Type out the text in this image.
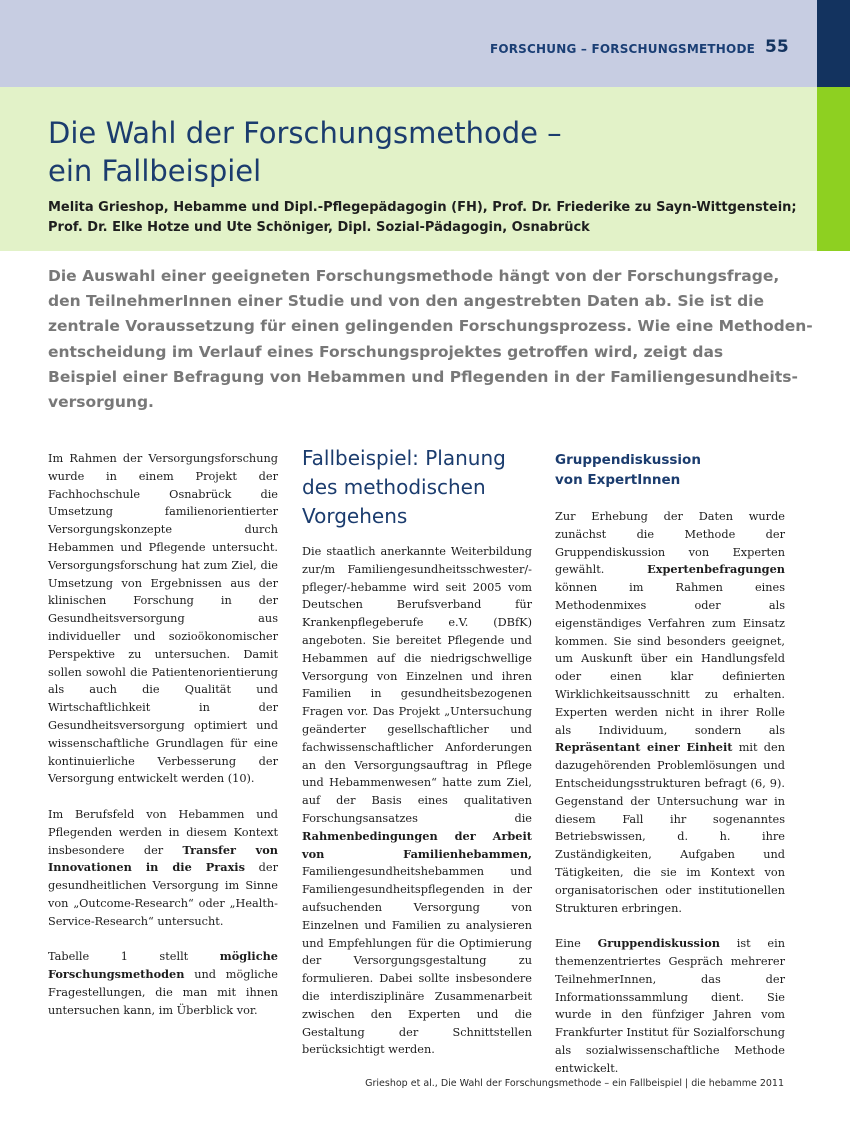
FORSCHUNG – FORSCHUNGSMETHODE 55
Die Wahl der Forschungsmethode –
ein Fallbeispiel
Melita Grieshop, Hebamme und Dipl.-Pflegepädagogin (FH), Prof. Dr. Friederike zu Sayn-Wittgenstein;
Prof. Dr. Elke Hotze und Ute Schöniger, Dipl. Sozial-Pädagogin, Osnabrück
Die Auswahl einer geeigneten Forschungsmethode hängt von der Forschungsfrage,
den TeilnehmerInnen einer Studie und von den angestrebten Daten ab. Sie ist die
zentrale Voraussetzung für einen gelingenden Forschungsprozess. Wie eine Methoden-
entscheidung im Verlauf eines Forschungsprojektes getroffen wird, zeigt das
Beispiel einer Befragung von Hebammen und Pflegenden in der Familiengesundheits-
versorgung.

Im Rahmen der Versorgungsforschung wurde in einem Projekt der Fachhochschule Osnabrück die Umsetzung familienorientierter Versorgungskonzepte durch Hebammen und Pflegende untersucht. Versorgungsforschung hat zum Ziel, die Umsetzung von Ergebnissen aus der klinischen Forschung in der Gesundheitsversorgung aus individueller und sozioökonomischer Perspektive zu untersuchen. Damit sollen sowohl die Patientenorientierung als auch die Qualität und Wirtschaftlichkeit in der Gesundheitsversorgung optimiert und wissenschaftliche Grundlagen für eine kontinuierliche Verbesserung der Versorgung entwickelt werden (10).

Im Berufsfeld von Hebammen und Pflegenden werden in diesem Kontext insbesondere der Transfer von Innovationen in die Praxis der gesundheitlichen Versorgung im Sinne von „Outcome-Research“ oder „Health-Service-Research“ untersucht.

Tabelle 1 stellt mögliche Forschungsmethoden und mögliche Fragestellungen, die man mit ihnen untersuchen kann, im Überblick vor.

Fallbeispiel: Planung
des methodischen
Vorgehens

Die staatlich anerkannte Weiterbildung zur/m Familiengesundheitsschwester/-pfleger/-hebamme wird seit 2005 vom Deutschen Berufsverband für Krankenpflegeberufe e.V. (DBfK) angeboten. Sie bereitet Pflegende und Hebammen auf die niedrigschwellige Versorgung von Einzelnen und ihren Familien in gesundheitsbezogenen Fragen vor. Das Projekt „Untersuchung geänderter gesellschaftlicher und fachwissenschaftlicher Anforderungen an den Versorgungsauftrag in Pflege und Hebammenwesen“ hatte zum Ziel, auf der Basis eines qualitativen Forschungsansatzes die Rahmenbedingungen der Arbeit von Familienhebammen, Familiengesundheitshebammen und Familiengesundheitspflegenden in der aufsuchenden Versorgung von Einzelnen und Familien zu analysieren und Empfehlungen für die Optimierung der Versorgungsgestaltung zu formulieren. Dabei sollte insbesondere die interdisziplinäre Zusammenarbeit zwischen den Experten und die Gestaltung der Schnittstellen berücksichtigt werden.

Gruppendiskussion
von ExpertInnen

Zur Erhebung der Daten wurde zunächst die Methode der Gruppendiskussion von Experten gewählt. Expertenbefragungen können im Rahmen eines Methodenmixes oder als eigenständiges Verfahren zum Einsatz kommen. Sie sind besonders geeignet, um Auskunft über ein Handlungsfeld oder einen klar definierten Wirklichkeitsausschnitt zu erhalten. Experten werden nicht in ihrer Rolle als Individuum, sondern als Repräsentant einer Einheit mit den dazugehörenden Problemlösungen und Entscheidungsstrukturen befragt (6, 9). Gegenstand der Untersuchung war in diesem Fall ihr sogenanntes Betriebswissen, d. h. ihre Zuständigkeiten, Aufgaben und Tätigkeiten, die sie im Kontext von organisatorischen oder institutionellen Strukturen erbringen.

Eine Gruppendiskussion ist ein themenzentriertes Gespräch mehrerer TeilnehmerInnen, das der Informationssammlung dient. Sie wurde in den fünfziger Jahren vom Frankfurter Institut für Sozialforschung als sozialwissenschaftliche Methode entwickelt.

Grieshop et al., Die Wahl der Forschungsmethode – ein Fallbeispiel | die hebamme 2011
